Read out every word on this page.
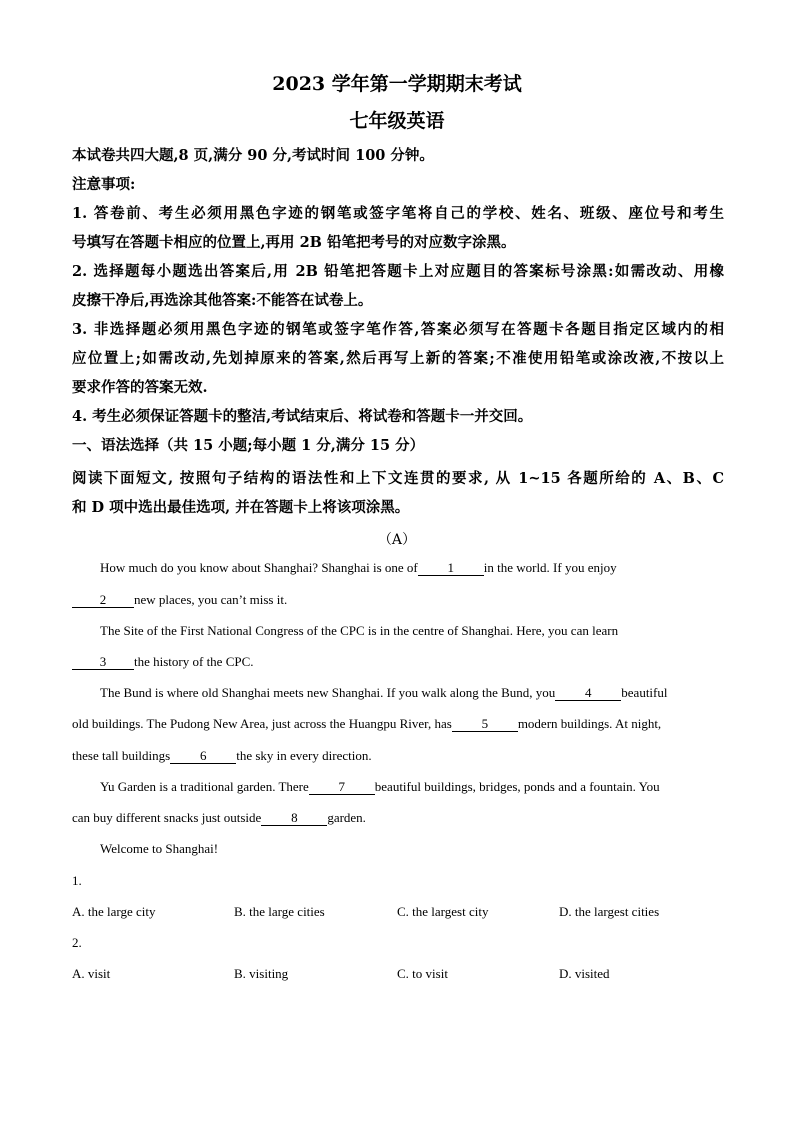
2023 学年第一学期期末考试
七年级英语
本试卷共四大题,8 页,满分 90 分,考试时间 100 分钟。
注意事项:
1. 答卷前、考生必须用黑色字迹的钢笔或签字笔将自己的学校、姓名、班级、座位号和考生
号填写在答题卡相应的位置上,再用 2B 铅笔把考号的对应数字涂黑。
2. 选择题每小题选出答案后,用 2B 铅笔把答题卡上对应题目的答案标号涂黑:如需改动、用橡
皮擦干净后,再选涂其他答案:不能答在试卷上。
3. 非选择题必须用黑色字迹的钢笔或签字笔作答,答案必须写在答题卡各题目指定区域内的相
应位置上;如需改动,先划掉原来的答案,然后再写上新的答案;不准使用铅笔或涂改液,不按以上
要求作答的答案无效.
4. 考生必须保证答题卡的整洁,考试结束后、将试卷和答题卡一并交回。
一、语法选择（共 15 小题;每小题 1 分,满分 15 分）
阅读下面短文, 按照句子结构的语法性和上下文连贯的要求, 从 1~15 各题所给的 A、B、C
和 D 项中选出最佳选项, 并在答题卡上将该项涂黑。
（A）
How much do you know about Shanghai? Shanghai is one of 1 in the world. If you enjoy
2 new places, you can’t miss it.
The Site of the First National Congress of the CPC is in the centre of Shanghai. Here, you can learn
3 the history of the CPC.
The Bund is where old Shanghai meets new Shanghai. If you walk along the Bund, you 4 beautiful
old buildings. The Pudong New Area, just across the Huangpu River, has 5 modern buildings. At night,
these tall buildings 6 the sky in every direction.
Yu Garden is a traditional garden. There 7 beautiful buildings, bridges, ponds and a fountain. You
can buy different snacks just outside 8 garden.
Welcome to Shanghai!
1.
A. the large city	B. the large cities	C. the largest city	D. the largest cities
2.
A. visit	B. visiting	C. to visit	D. visited
